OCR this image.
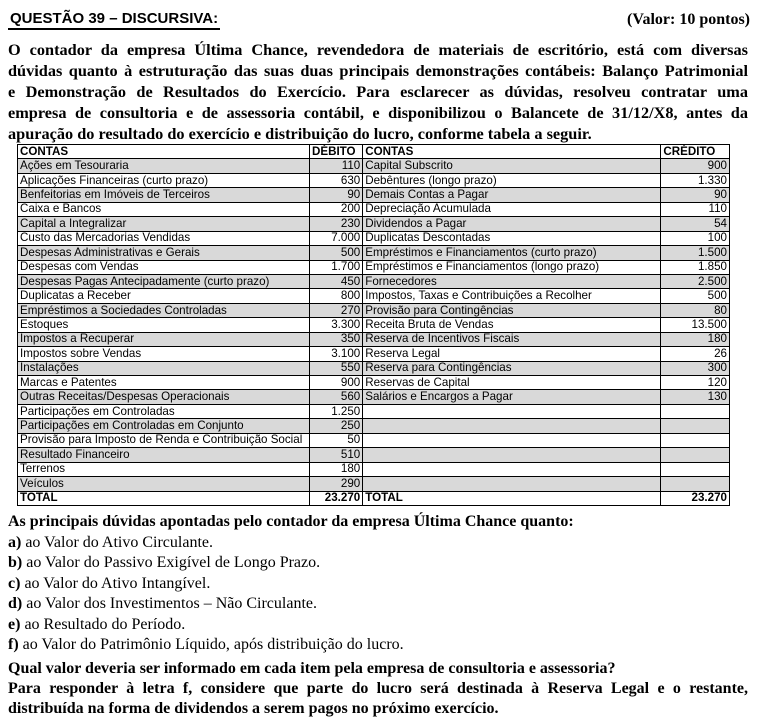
QUESTÃO 39 – DISCURSIVA:	(Valor: 10 pontos)
O contador da empresa Última Chance, revendedora de materiais de escritório, está com diversas
dúvidas quanto à estruturação das suas duas principais demonstrações contábeis: Balanço Patrimonial
e Demonstração de Resultados do Exercício. Para esclarecer as dúvidas, resolveu contratar uma
empresa de consultoria e de assessoria contábil, e disponibilizou o Balancete de 31/12/X8, antes da
apuração do resultado do exercício e distribuição do lucro, conforme tabela a seguir.
CONTAS	DÉBITO	CONTAS	CRÉDITO
Ações em Tesouraria	110	Capital Subscrito	900
Aplicações Financeiras (curto prazo)	630	Debêntures (longo prazo)	1.330
Benfeitorias em Imóveis de Terceiros	90	Demais Contas a Pagar	90
Caixa e Bancos	200	Depreciação Acumulada	110
Capital a Integralizar	230	Dividendos a Pagar	54
Custo das Mercadorias Vendidas	7.000	Duplicatas Descontadas	100
Despesas Administrativas e Gerais	500	Empréstimos e Financiamentos (curto prazo)	1.500
Despesas com Vendas	1.700	Empréstimos e Financiamentos (longo prazo)	1.850
Despesas Pagas Antecipadamente (curto prazo)	450	Fornecedores	2.500
Duplicatas a Receber	800	Impostos, Taxas e Contribuições a Recolher	500
Empréstimos a Sociedades Controladas	270	Provisão para Contingências	80
Estoques	3.300	Receita Bruta de Vendas	13.500
Impostos a Recuperar	350	Reserva de Incentivos Fiscais	180
Impostos sobre Vendas	3.100	Reserva Legal	26
Instalações	550	Reserva para Contingências	300
Marcas e Patentes	900	Reservas de Capital	120
Outras Receitas/Despesas Operacionais	560	Salários e Encargos a Pagar	130
Participações em Controladas	1.250		
Participações em Controladas em Conjunto	250		
Provisão para Imposto de Renda e Contribuição Social	50		
Resultado Financeiro	510		
Terrenos	180		
Veículos	290		
TOTAL	23.270	TOTAL	23.270
As principais dúvidas apontadas pelo contador da empresa Última Chance quanto:
a) ao Valor do Ativo Circulante.
b) ao Valor do Passivo Exigível de Longo Prazo.
c) ao Valor do Ativo Intangível.
d) ao Valor dos Investimentos – Não Circulante.
e) ao Resultado do Período.
f) ao Valor do Patrimônio Líquido, após distribuição do lucro.
Qual valor deveria ser informado em cada item pela empresa de consultoria e assessoria?
Para responder à letra f, considere que parte do lucro será destinada à Reserva Legal e o restante,
distribuída na forma de dividendos a serem pagos no próximo exercício.
